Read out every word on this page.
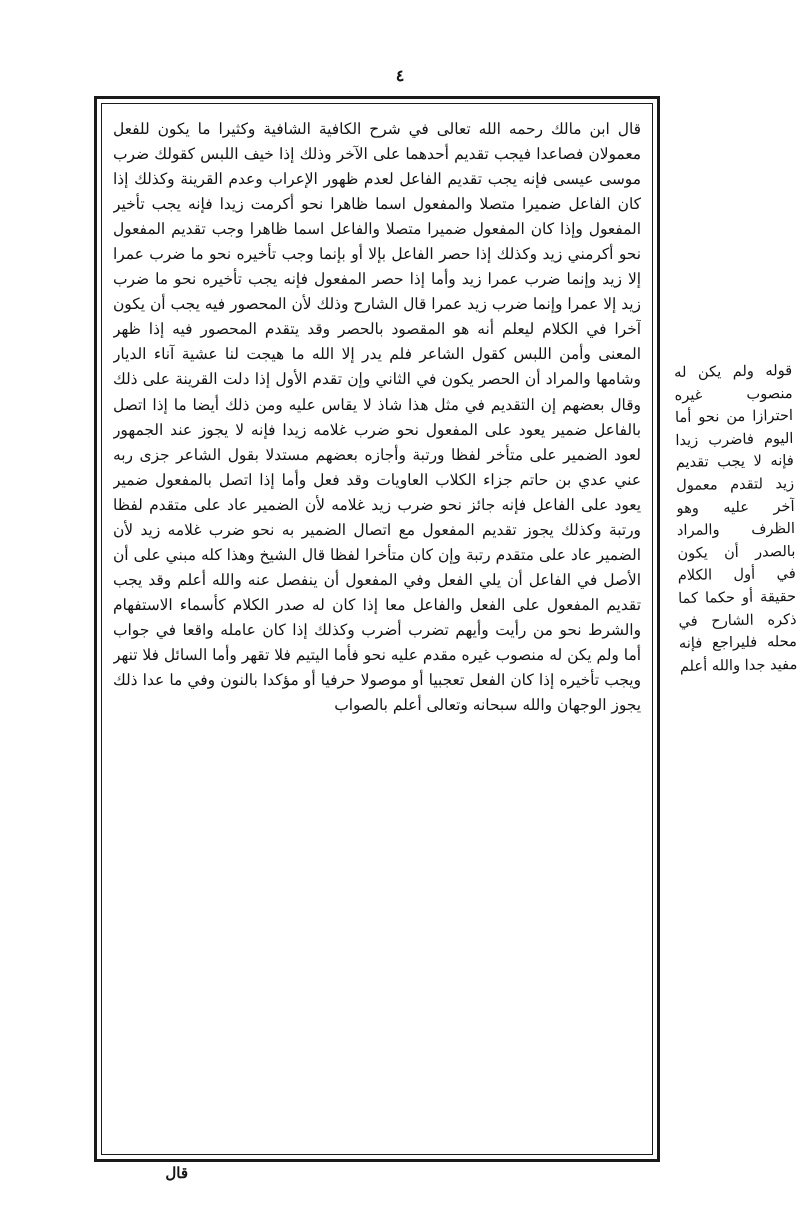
٤

قال ابن مالك رحمه الله تعالى في شرح الكافية الشافية وكثيرا ما يكون للفعل معمولان فصاعدا فيجب تقديم أحدهما على الآخر وذلك إذا خيف اللبس كقولك ضرب موسى عيسى فإنه يجب تقديم الفاعل لعدم ظهور الإعراب وعدم القرينة وكذلك إذا كان الفاعل ضميرا متصلا والمفعول اسما ظاهرا نحو أكرمت زيدا فإنه يجب تأخير المفعول وإذا كان المفعول ضميرا متصلا والفاعل اسما ظاهرا وجب تقديم المفعول نحو أكرمني زيد وكذلك إذا حصر الفاعل بإلا أو بإنما وجب تأخيره نحو ما ضرب عمرا إلا زيد وإنما ضرب عمرا زيد وأما إذا حصر المفعول فإنه يجب تأخيره نحو ما ضرب زيد إلا عمرا وإنما ضرب زيد عمرا قال الشارح وذلك لأن المحصور فيه يجب أن يكون آخرا في الكلام ليعلم أنه هو المقصود بالحصر وقد يتقدم المحصور فيه إذا ظهر المعنى وأمن اللبس كقول الشاعر فلم يدر إلا الله ما هيجت لنا عشية آناء الديار وشامها والمراد أن الحصر يكون في الثاني وإن تقدم الأول إذا دلت القرينة على ذلك وقال بعضهم إن التقديم في مثل هذا شاذ لا يقاس عليه ومن ذلك أيضا ما إذا اتصل بالفاعل ضمير يعود على المفعول نحو ضرب غلامه زيدا فإنه لا يجوز عند الجمهور لعود الضمير على متأخر لفظا ورتبة وأجازه بعضهم مستدلا بقول الشاعر جزى ربه عني عدي بن حاتم جزاء الكلاب العاويات وقد فعل وأما إذا اتصل بالمفعول ضمير يعود على الفاعل فإنه جائز نحو ضرب زيد غلامه لأن الضمير عاد على متقدم لفظا ورتبة وكذلك يجوز تقديم المفعول مع اتصال الضمير به نحو ضرب غلامه زيد لأن الضمير عاد على متقدم رتبة وإن كان متأخرا لفظا قال الشيخ وهذا كله مبني على أن الأصل في الفاعل أن يلي الفعل وفي المفعول أن ينفصل عنه والله أعلم وقد يجب تقديم المفعول على الفعل والفاعل معا إذا كان له صدر الكلام كأسماء الاستفهام والشرط نحو من رأيت وأيهم تضرب أضرب وكذلك إذا كان عامله واقعا في جواب أما ولم يكن له منصوب غيره مقدم عليه نحو فأما اليتيم فلا تقهر وأما السائل فلا تنهر ويجب تأخيره إذا كان الفعل تعجبيا أو موصولا حرفيا أو مؤكدا بالنون وفي ما عدا ذلك يجوز الوجهان والله سبحانه وتعالى أعلم بالصواب

قوله ولم يكن له منصوب غيره احترازا من نحو أما اليوم فاضرب زيدا فإنه لا يجب تقديم زيد لتقدم معمول آخر عليه وهو الظرف والمراد بالصدر أن يكون في أول الكلام حقيقة أو حكما كما ذكره الشارح في محله فليراجع فإنه مفيد جدا والله أعلم

قال
